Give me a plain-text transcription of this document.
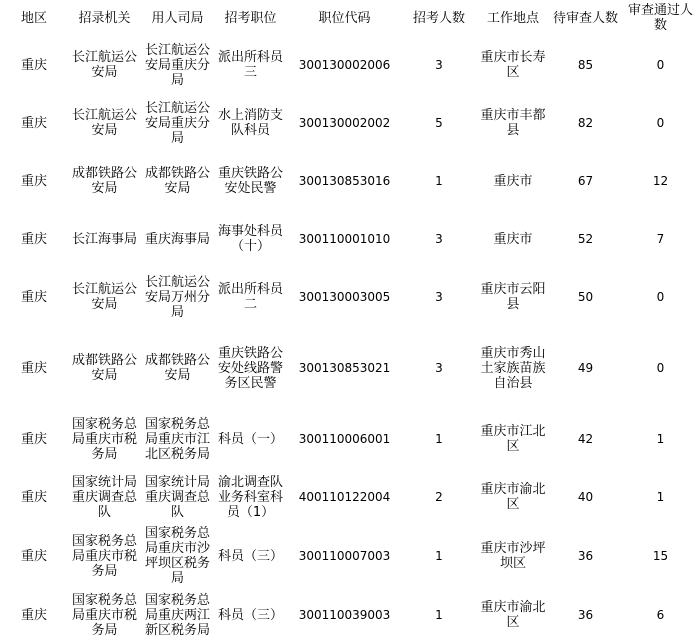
地区	招录机关	用人司局	招考职位	职位代码	招考人数	工作地点	待审查人数	审查通过人数
重庆	长江航运公安局	长江航运公安局重庆分局	派出所科员三	300130002006	3	重庆市长寿区	85	0
重庆	长江航运公安局	长江航运公安局重庆分局	水上消防支队科员	300130002002	5	重庆市丰都县	82	0
重庆	成都铁路公安局	成都铁路公安局	重庆铁路公安处民警	300130853016	1	重庆市	67	12
重庆	长江海事局	重庆海事局	海事处科员（十）	300110001010	3	重庆市	52	7
重庆	长江航运公安局	长江航运公安局万州分局	派出所科员二	300130003005	3	重庆市云阳县	50	0
重庆	成都铁路公安局	成都铁路公安局	重庆铁路公安处线路警务区民警	300130853021	3	重庆市秀山土家族苗族自治县	49	0
重庆	国家税务总局重庆市税务局	国家税务总局重庆市江北区税务局	科员（一）	300110006001	1	重庆市江北区	42	1
重庆	国家统计局重庆调查总队	国家统计局重庆调查总队	渝北调查队业务科室科员（1）	400110122004	2	重庆市渝北区	40	1
重庆	国家税务总局重庆市税务局	国家税务总局重庆市沙坪坝区税务局	科员（三）	300110007003	1	重庆市沙坪坝区	36	15
重庆	国家税务总局重庆市税务局	国家税务总局重庆两江新区税务局	科员（三）	300110039003	1	重庆市渝北区	36	6
